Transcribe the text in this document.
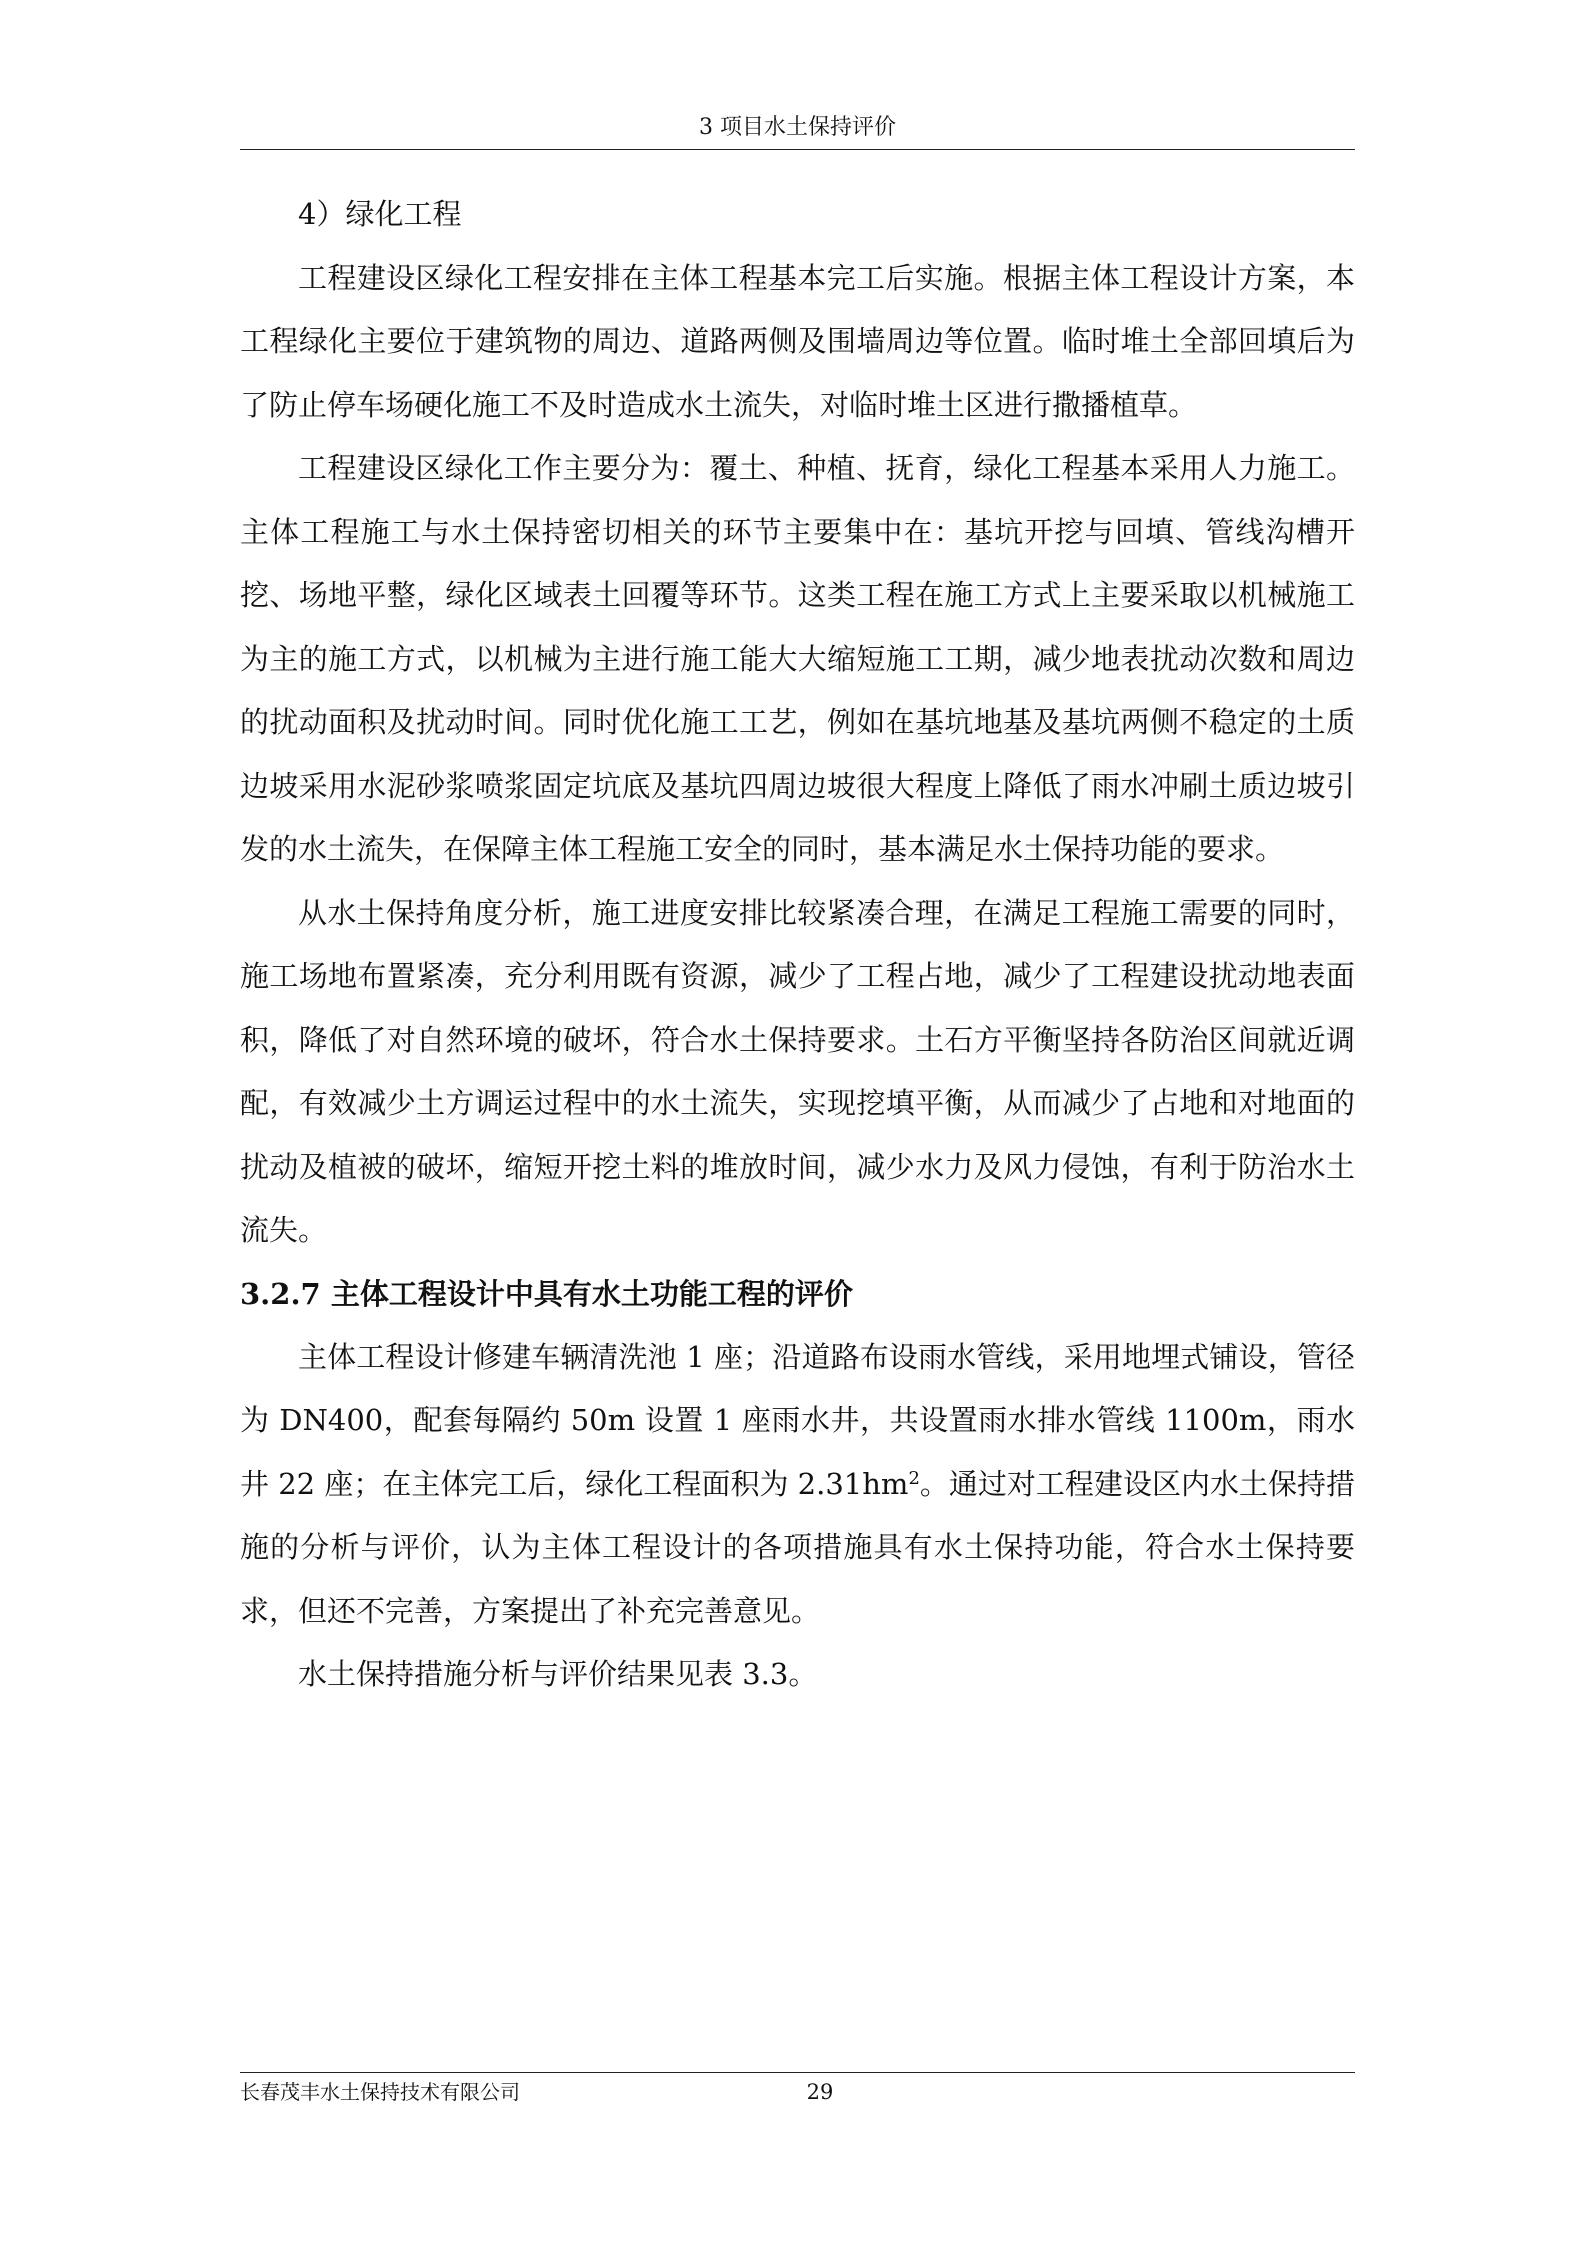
3 项目水土保持评价

4）绿化工程

工程建设区绿化工程安排在主体工程基本完工后实施。根据主体工程设计方案，本工程绿化主要位于建筑物的周边、道路两侧及围墙周边等位置。临时堆土全部回填后为了防止停车场硬化施工不及时造成水土流失，对临时堆土区进行撒播植草。

工程建设区绿化工作主要分为：覆土、种植、抚育，绿化工程基本采用人力施工。主体工程施工与水土保持密切相关的环节主要集中在：基坑开挖与回填、管线沟槽开挖、场地平整，绿化区域表土回覆等环节。这类工程在施工方式上主要采取以机械施工为主的施工方式，以机械为主进行施工能大大缩短施工工期，减少地表扰动次数和周边的扰动面积及扰动时间。同时优化施工工艺，例如在基坑地基及基坑两侧不稳定的土质边坡采用水泥砂浆喷浆固定坑底及基坑四周边坡很大程度上降低了雨水冲刷土质边坡引发的水土流失，在保障主体工程施工安全的同时，基本满足水土保持功能的要求。

从水土保持角度分析，施工进度安排比较紧凑合理，在满足工程施工需要的同时，施工场地布置紧凑，充分利用既有资源，减少了工程占地，减少了工程建设扰动地表面积，降低了对自然环境的破坏，符合水土保持要求。土石方平衡坚持各防治区间就近调配，有效减少土方调运过程中的水土流失，实现挖填平衡，从而减少了占地和对地面的扰动及植被的破坏，缩短开挖土料的堆放时间，减少水力及风力侵蚀，有利于防治水土流失。

3.2.7 主体工程设计中具有水土功能工程的评价

主体工程设计修建车辆清洗池 1 座；沿道路布设雨水管线，采用地埋式铺设，管径为 DN400，配套每隔约 50m 设置 1 座雨水井，共设置雨水排水管线 1100m，雨水井 22 座；在主体完工后，绿化工程面积为 $2.31hm^2$。通过对工程建设区内水土保持措施的分析与评价，认为主体工程设计的各项措施具有水土保持功能，符合水土保持要求，但还不完善，方案提出了补充完善意见。

水土保持措施分析与评价结果见表 3.3。

长春茂丰水土保持技术有限公司	29
